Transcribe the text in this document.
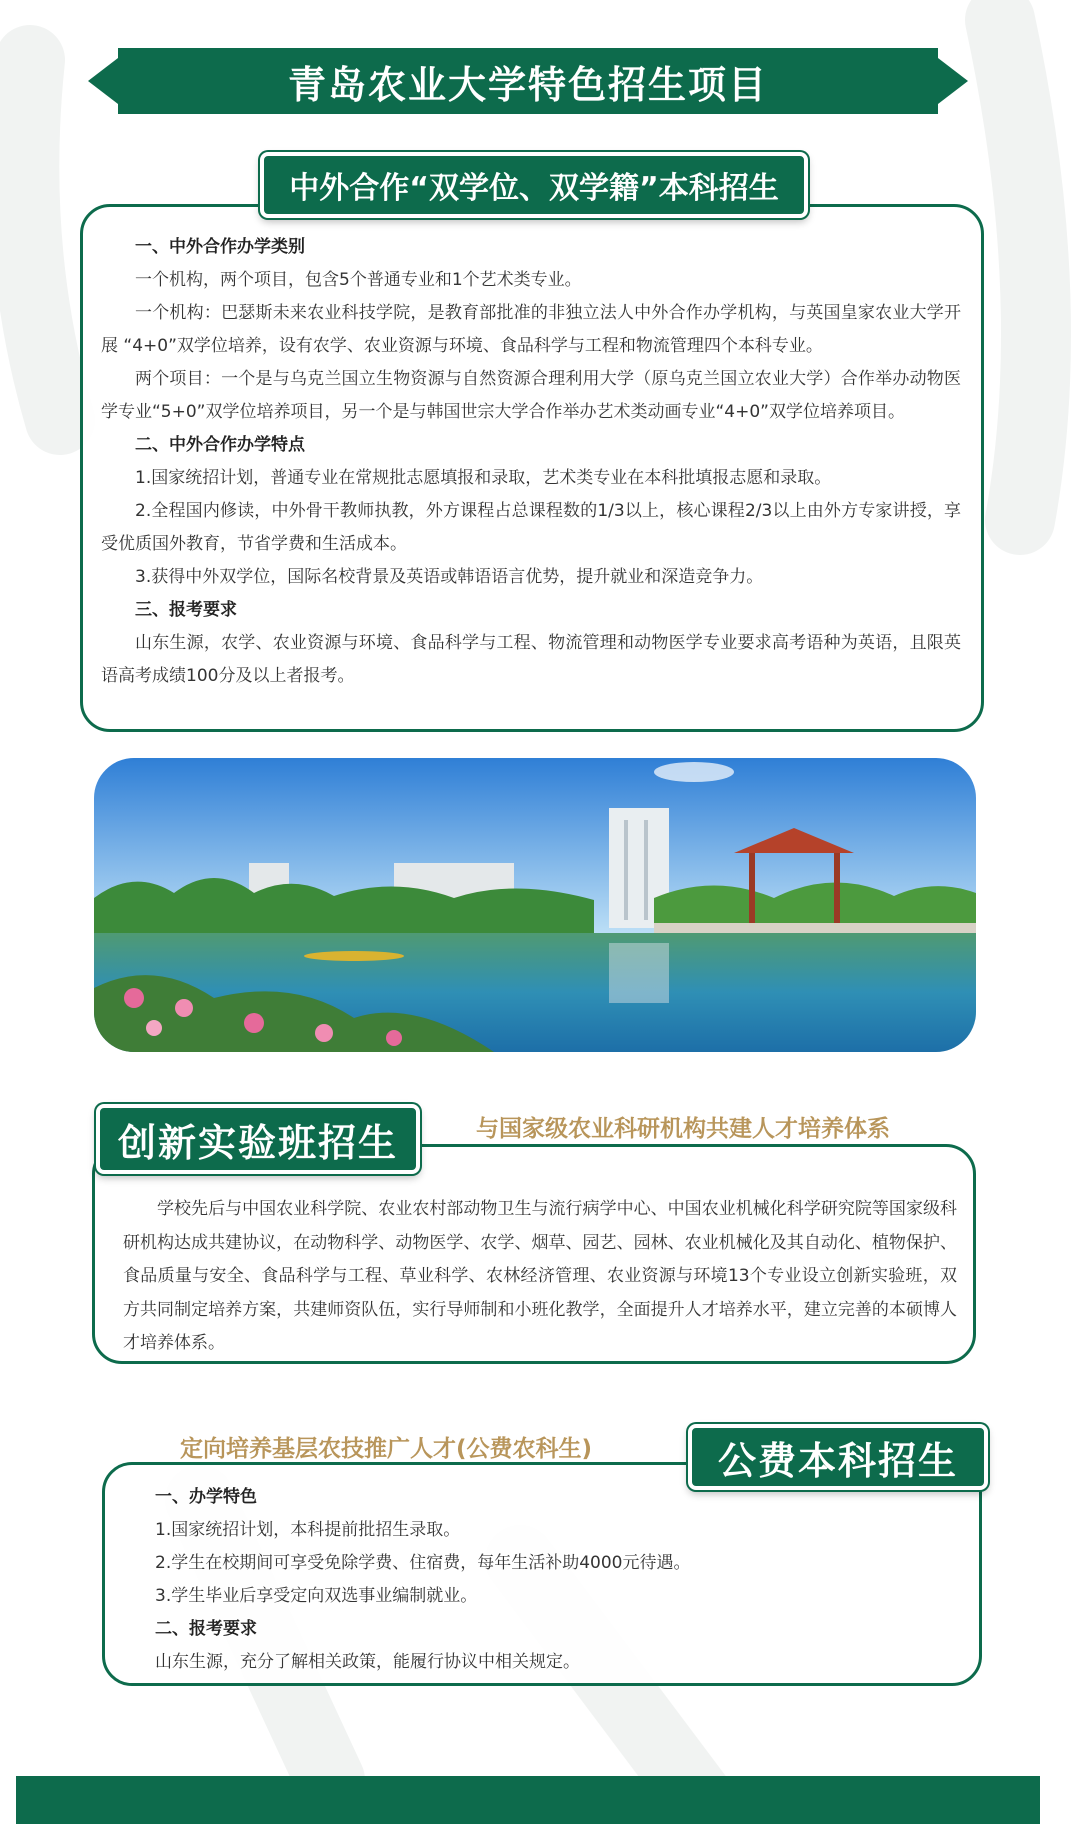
青岛农业大学特色招生项目
一、中外合作办学类别
一个机构，两个项目，包含5个普通专业和1个艺术类专业。
一个机构：巴瑟斯未来农业科技学院，是教育部批准的非独立法人中外合作办学机构，与英国皇家农业大学开展 “4+0”双学位培养，设有农学、农业资源与环境、食品科学与工程和物流管理四个本科专业。
两个项目：一个是与乌克兰国立生物资源与自然资源合理利用大学（原乌克兰国立农业大学）合作举办动物医学专业“5+0”双学位培养项目，另一个是与韩国世宗大学合作举办艺术类动画专业“4+0”双学位培养项目。
二、中外合作办学特点
1.国家统招计划，普通专业在常规批志愿填报和录取，艺术类专业在本科批填报志愿和录取。
2.全程国内修读，中外骨干教师执教，外方课程占总课程数的1/3以上，核心课程2/3以上由外方专家讲授，享受优质国外教育，节省学费和生活成本。
3.获得中外双学位，国际名校背景及英语或韩语语言优势，提升就业和深造竞争力。
三、报考要求
山东生源，农学、农业资源与环境、食品科学与工程、物流管理和动物医学专业要求高考语种为英语，且限英语高考成绩100分及以上者报考。
中外合作“双学位、双学籍”本科招生
学校先后与中国农业科学院、农业农村部动物卫生与流行病学中心、中国农业机械化科学研究院等国家级科研机构达成共建协议，在动物科学、动物医学、农学、烟草、园艺、园林、农业机械化及其自动化、植物保护、食品质量与安全、食品科学与工程、草业科学、农林经济管理、农业资源与环境13个专业设立创新实验班，双方共同制定培养方案，共建师资队伍，实行导师制和小班化教学，全面提升人才培养水平，建立完善的本硕博人才培养体系。
创新实验班招生	与国家级农业科研机构共建人才培养体系
一、办学特色
1.国家统招计划，本科提前批招生录取。
2.学生在校期间可享受免除学费、住宿费，每年生活补助4000元待遇。
3.学生毕业后享受定向双选事业编制就业。
二、报考要求
山东生源，充分了解相关政策，能履行协议中相关规定。
公费本科招生
定向培养基层农技推广人才(公费农科生)
